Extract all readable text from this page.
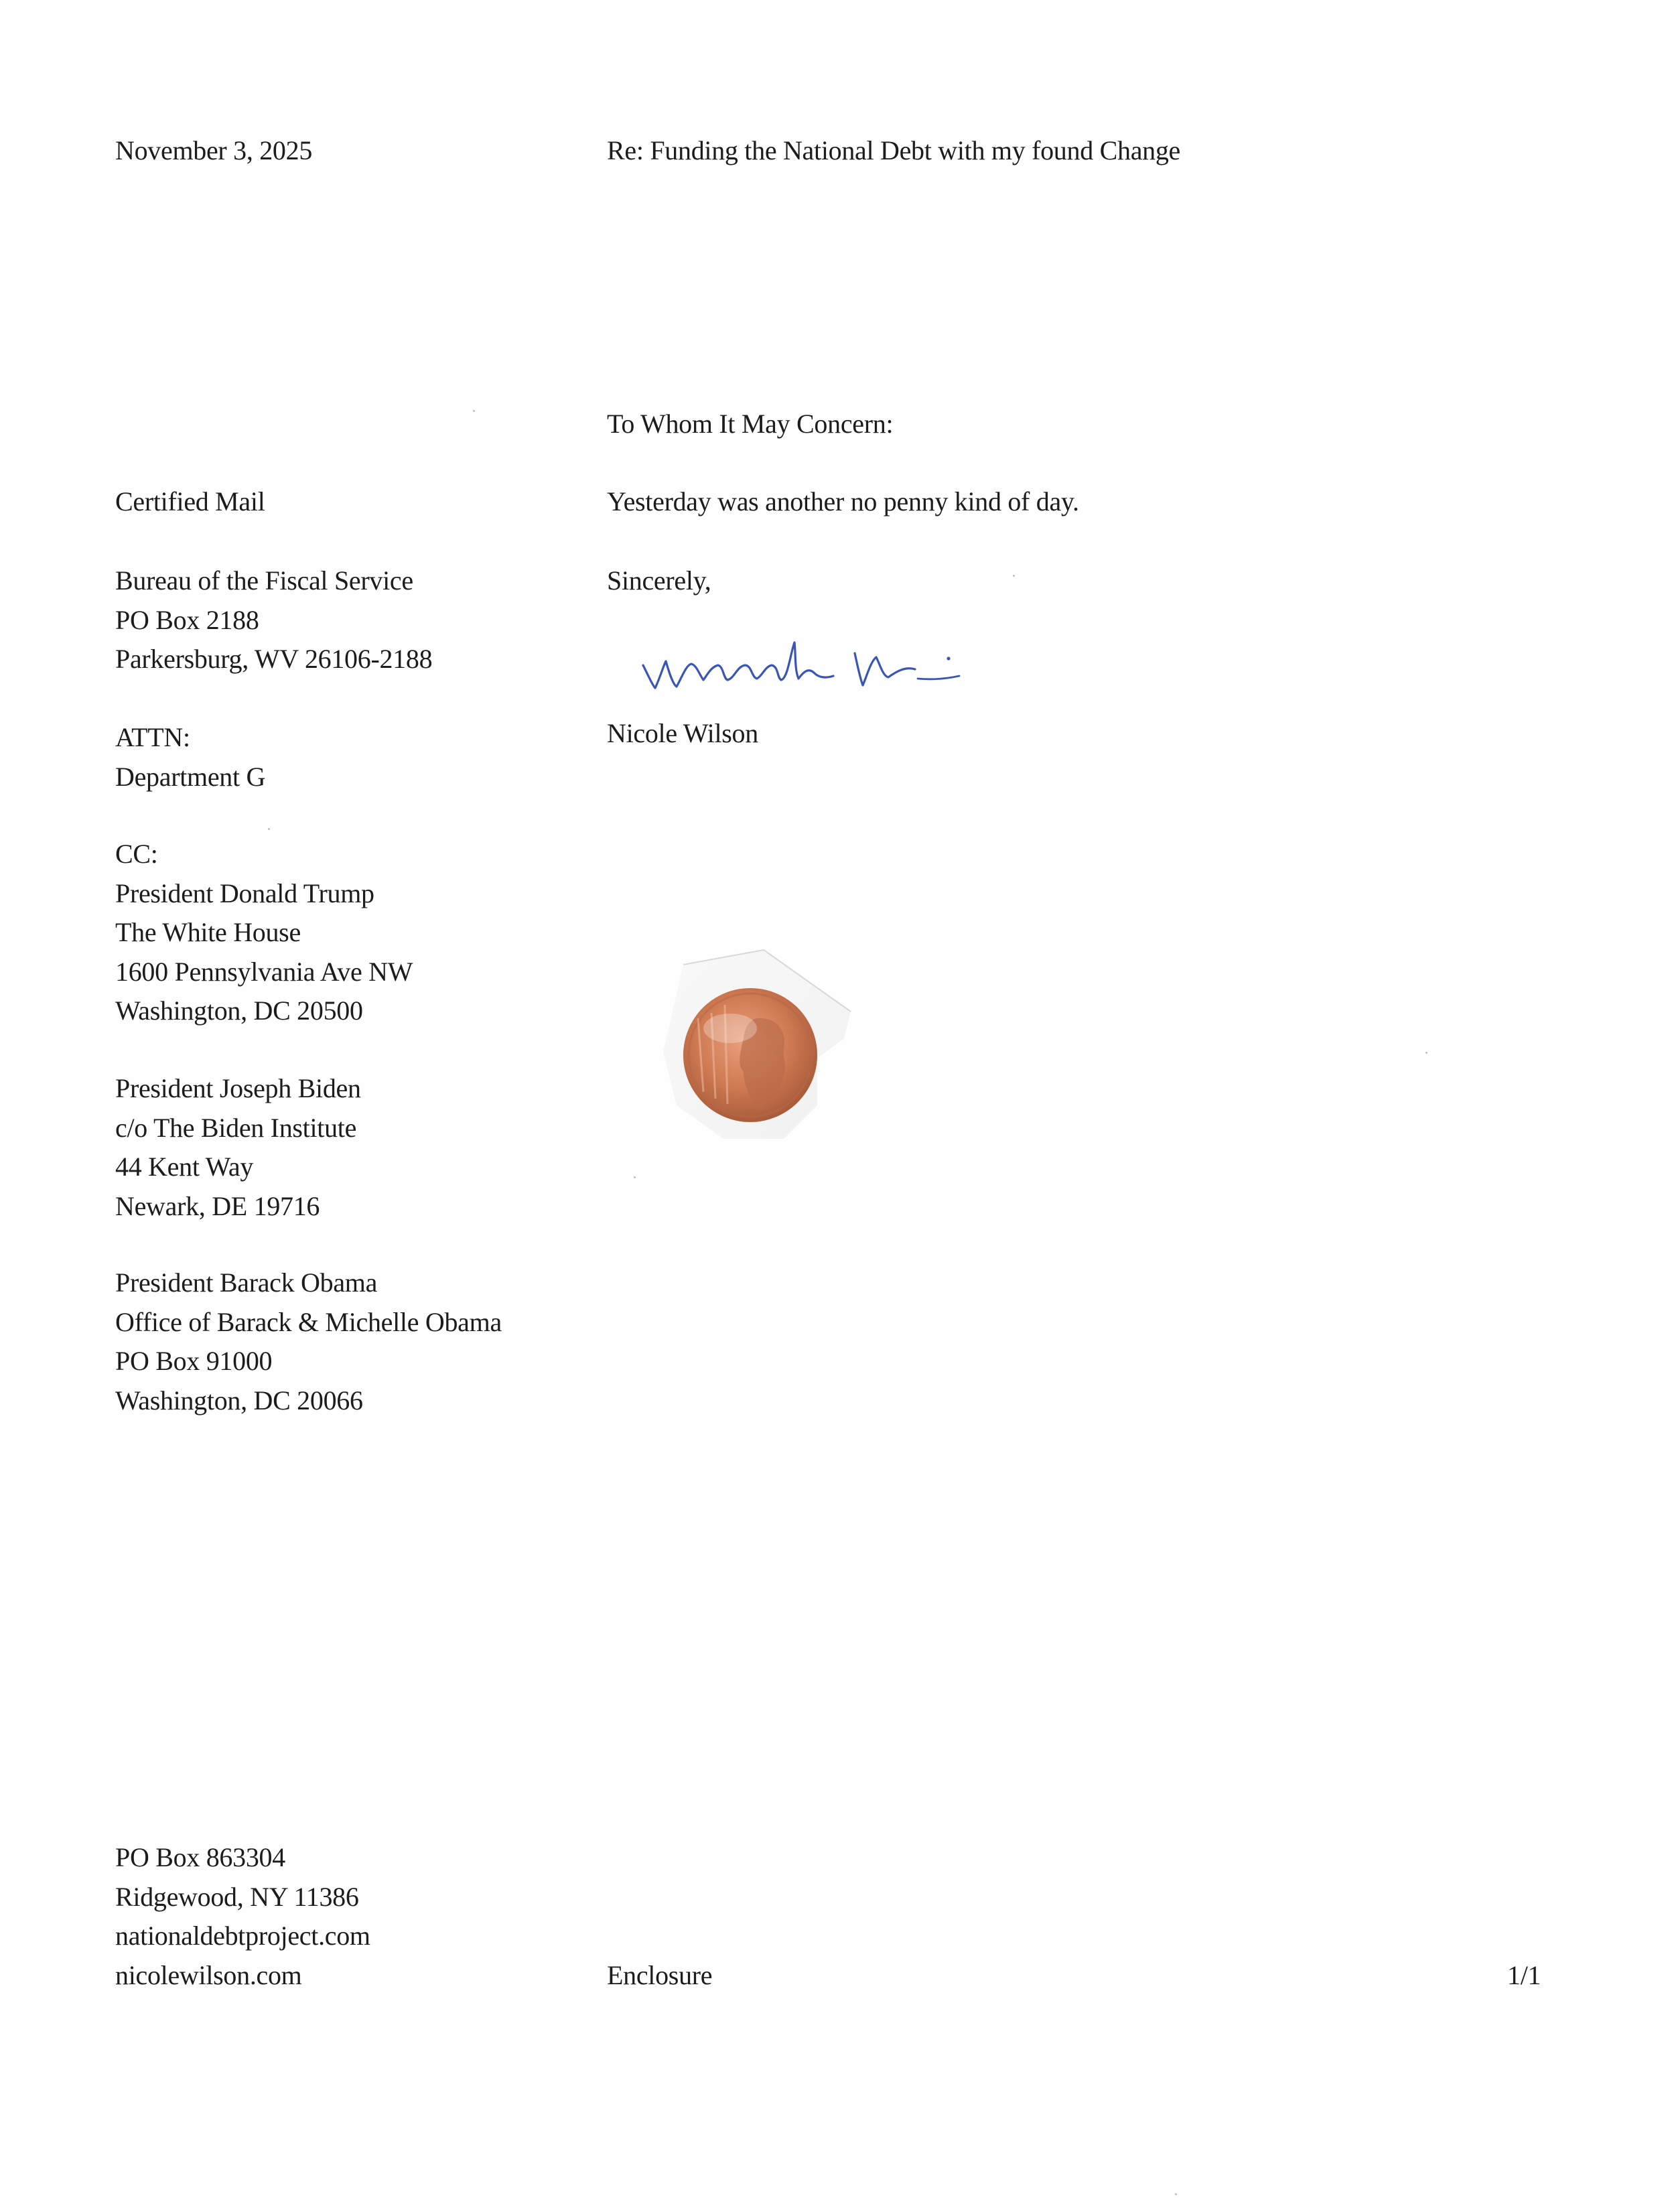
November 3, 2025	Re: Funding the National Debt with my found Change
To Whom It May Concern:
Yesterday was another no penny kind of day.
Sincerely,
Nicole Wilson
Certified Mail
Bureau of the Fiscal Service
PO Box 2188
Parkersburg, WV 26106-2188
ATTN:
Department G
CC:
President Donald Trump
The White House
1600 Pennsylvania Ave NW
Washington, DC 20500
President Joseph Biden
c/o The Biden Institute
44 Kent Way
Newark, DE 19716
President Barack Obama
Office of Barack & Michelle Obama
PO Box 91000
Washington, DC 20066
PO Box 863304
Ridgewood, NY 11386
nationaldebtproject.com
nicolewilson.com	Enclosure	1/1
